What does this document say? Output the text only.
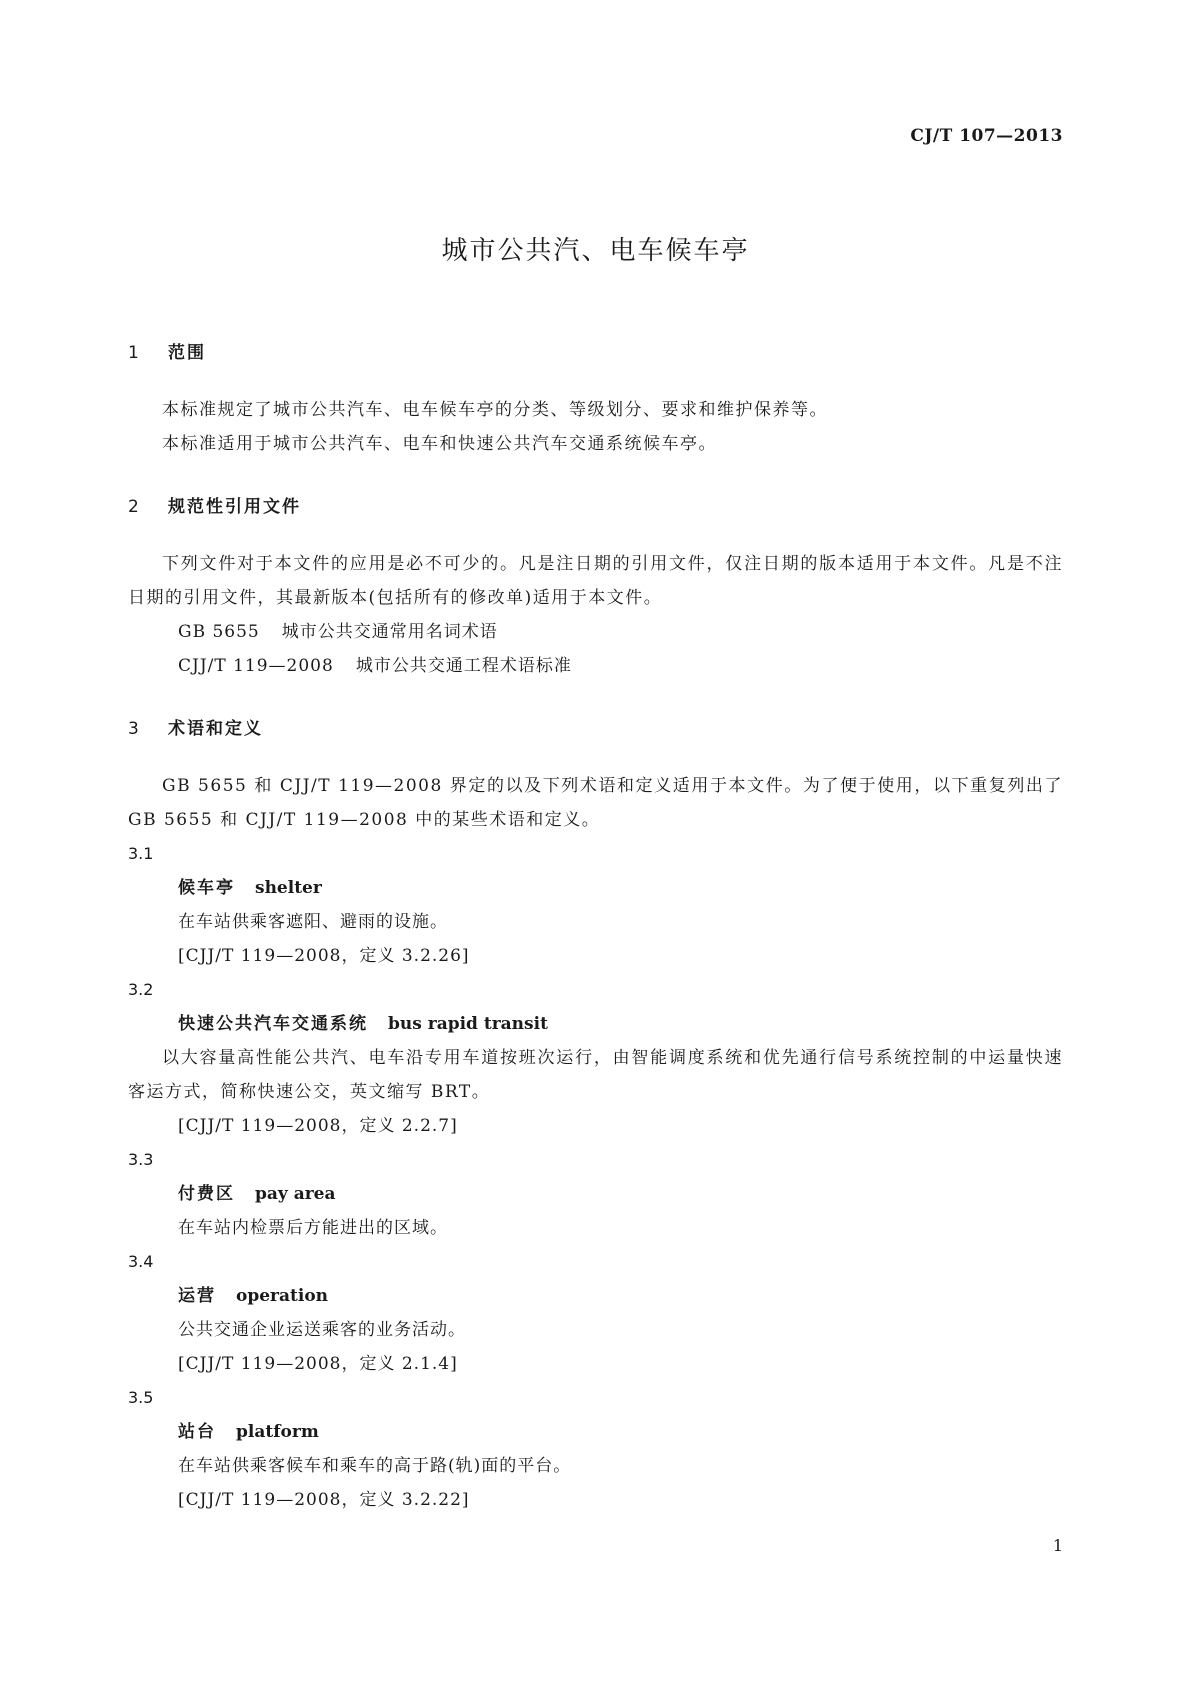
CJ/T 107—2013
城市公共汽、电车候车亭
1 范围
本标准规定了城市公共汽车、电车候车亭的分类、等级划分、要求和维护保养等。
本标准适用于城市公共汽车、电车和快速公共汽车交通系统候车亭。
2 规范性引用文件
下列文件对于本文件的应用是必不可少的。凡是注日期的引用文件，仅注日期的版本适用于本文件。凡是不注日期的引用文件，其最新版本(包括所有的修改单)适用于本文件。
GB 5655 城市公共交通常用名词术语
CJJ/T 119—2008 城市公共交通工程术语标准
3 术语和定义
GB 5655 和 CJJ/T 119—2008 界定的以及下列术语和定义适用于本文件。为了便于使用，以下重复列出了 GB 5655 和 CJJ/T 119—2008 中的某些术语和定义。
3.1
候车亭 shelter
在车站供乘客遮阳、避雨的设施。
[CJJ/T 119—2008，定义 3.2.26]
3.2
快速公共汽车交通系统 bus rapid transit
以大容量高性能公共汽、电车沿专用车道按班次运行，由智能调度系统和优先通行信号系统控制的中运量快速客运方式，简称快速公交，英文缩写 BRT。
[CJJ/T 119—2008，定义 2.2.7]
3.3
付费区 pay area
在车站内检票后方能进出的区域。
3.4
运营 operation
公共交通企业运送乘客的业务活动。
[CJJ/T 119—2008，定义 2.1.4]
3.5
站台 platform
在车站供乘客候车和乘车的高于路(轨)面的平台。
[CJJ/T 119—2008，定义 3.2.22]
1
